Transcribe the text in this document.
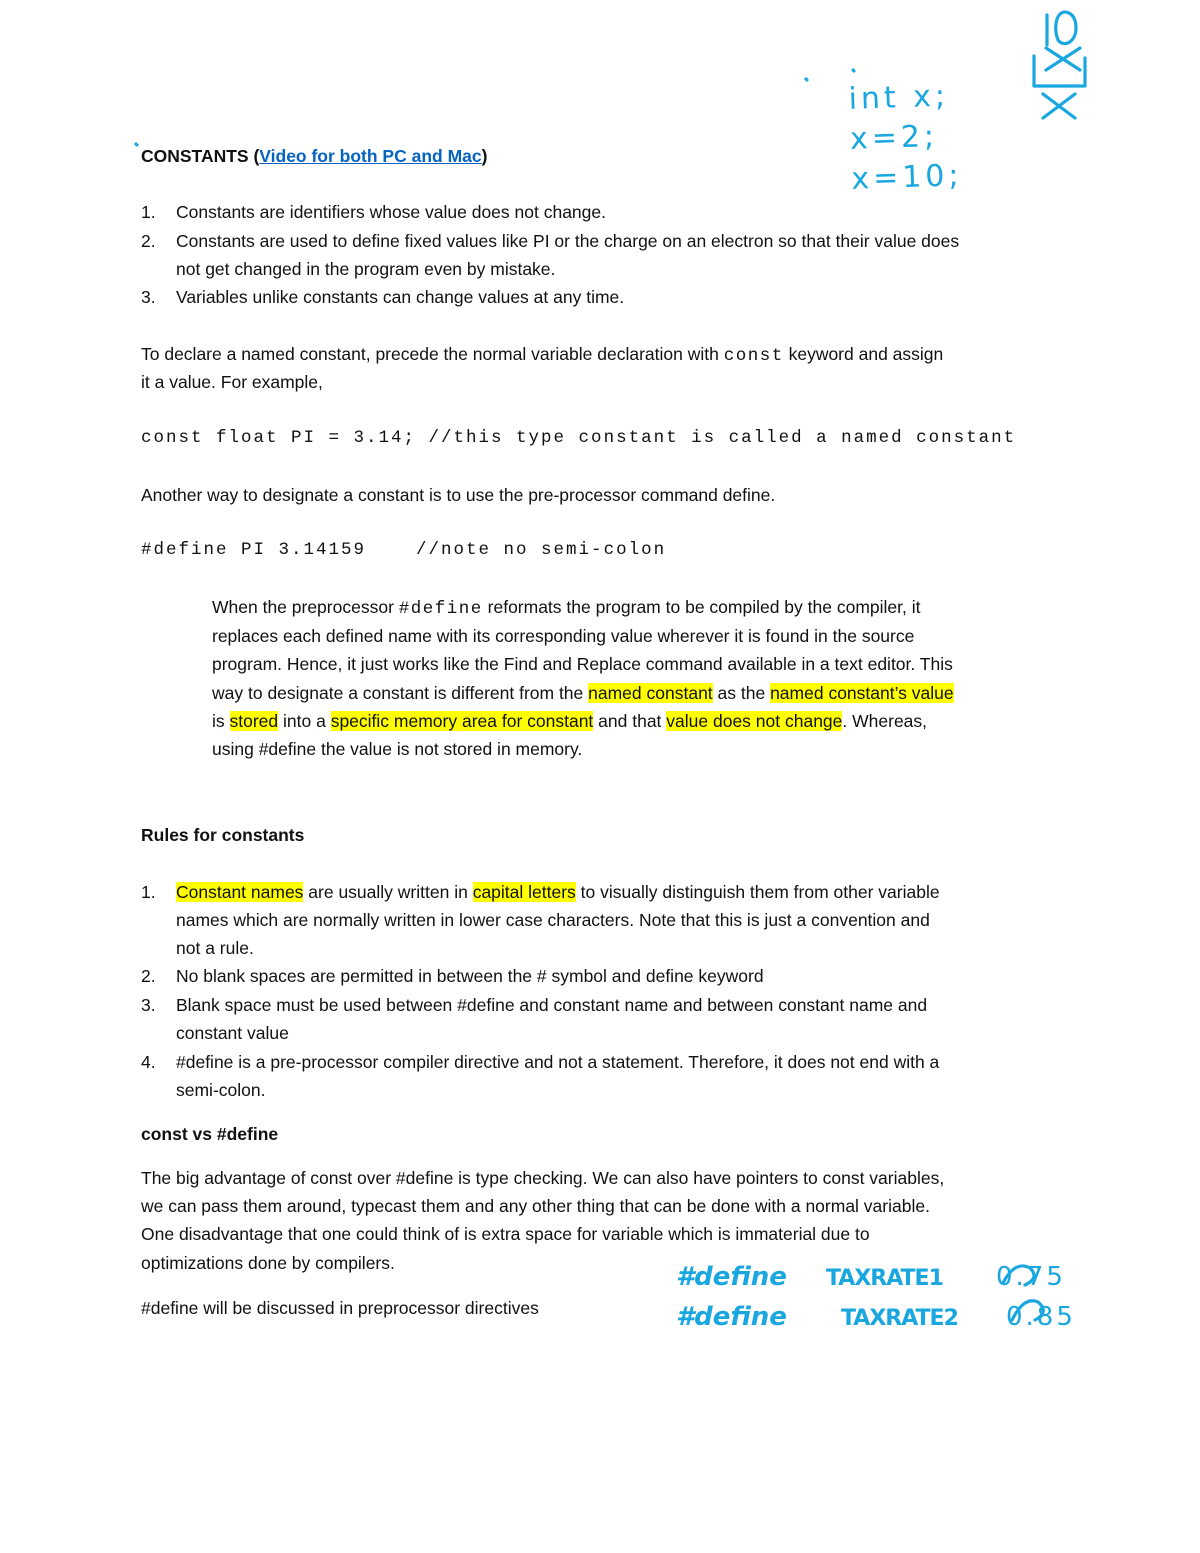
CONSTANTS (Video for both PC and Mac)
1. Constants are identifiers whose value does not change.
2. Constants are used to define fixed values like PI or the charge on an electron so that their value does
not get changed in the program even by mistake.
3. Variables unlike constants can change values at any time.
To declare a named constant, precede the normal variable declaration with const keyword and assign
it a value. For example,
const float PI = 3.14; //this type constant is called a named constant
Another way to designate a constant is to use the pre-processor command define.
#define PI 3.14159    //note no semi-colon
When the preprocessor #define reformats the program to be compiled by the compiler, it
replaces each defined name with its corresponding value wherever it is found in the source
program. Hence, it just works like the Find and Replace command available in a text editor. This
way to designate a constant is different from the named constant as the named constant’s value
is stored into a specific memory area for constant and that value does not change. Whereas,
using #define the value is not stored in memory.
Rules for constants
1. Constant names are usually written in capital letters to visually distinguish them from other variable
names which are normally written in lower case characters. Note that this is just a convention and
not a rule.
2. No blank spaces are permitted in between the # symbol and define keyword
3. Blank space must be used between #define and constant name and between constant name and
constant value
4. #define is a pre-processor compiler directive and not a statement. Therefore, it does not end with a
semi-colon.
const vs #define
The big advantage of const over #define is type checking. We can also have pointers to const variables,
we can pass them around, typecast them and any other thing that can be done with a normal variable.
One disadvantage that one could think of is extra space for variable which is immaterial due to
optimizations done by compilers.
#define will be discussed in preprocessor directives
int x;
x=2;
x=10;
#define TAXRATE1 0.75
#define TAXRATE2 0.85
